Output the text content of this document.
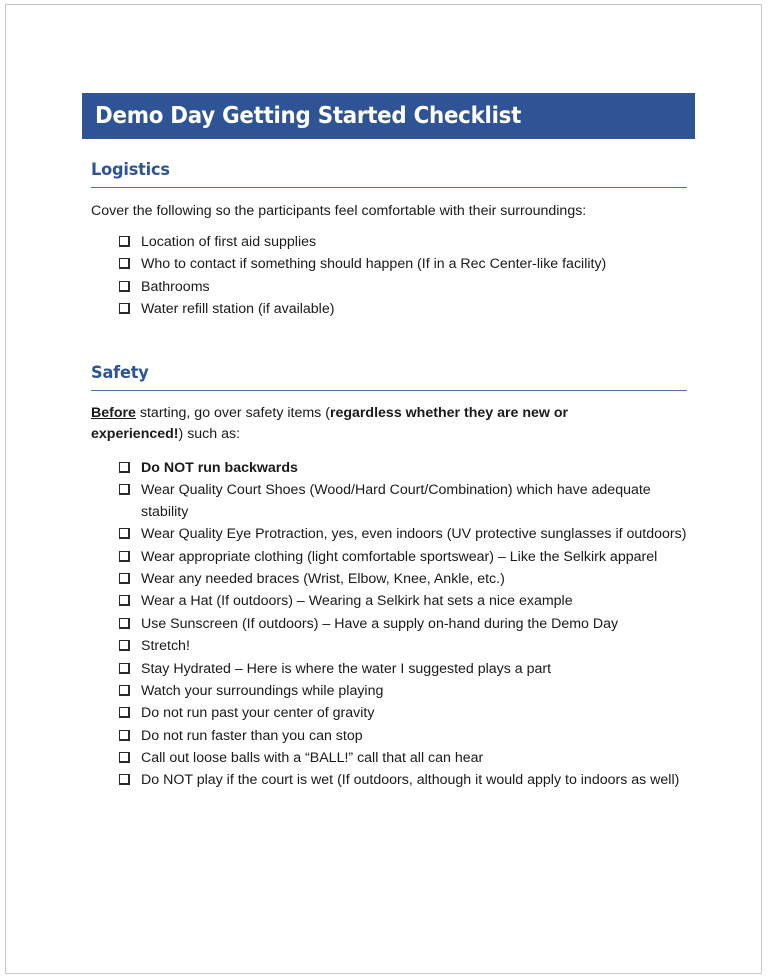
Demo Day Getting Started Checklist
Logistics

Cover the following so the participants feel comfortable with their surroundings:

Location of first aid supplies
Who to contact if something should happen (If in a Rec Center-like facility)
Bathrooms
Water refill station (if available)
Safety

Before starting, go over safety items (regardless whether they are new or experienced!) such as:

Do NOT run backwards
Wear Quality Court Shoes (Wood/Hard Court/Combination) which have adequate stability
Wear Quality Eye Protraction, yes, even indoors (UV protective sunglasses if outdoors)
Wear appropriate clothing (light comfortable sportswear) – Like the Selkirk apparel
Wear any needed braces (Wrist, Elbow, Knee, Ankle, etc.)
Wear a Hat (If outdoors) – Wearing a Selkirk hat sets a nice example
Use Sunscreen (If outdoors) – Have a supply on-hand during the Demo Day
Stretch!
Stay Hydrated – Here is where the water I suggested plays a part
Watch your surroundings while playing
Do not run past your center of gravity
Do not run faster than you can stop
Call out loose balls with a “BALL!” call that all can hear
Do NOT play if the court is wet (If outdoors, although it would apply to indoors as well)
